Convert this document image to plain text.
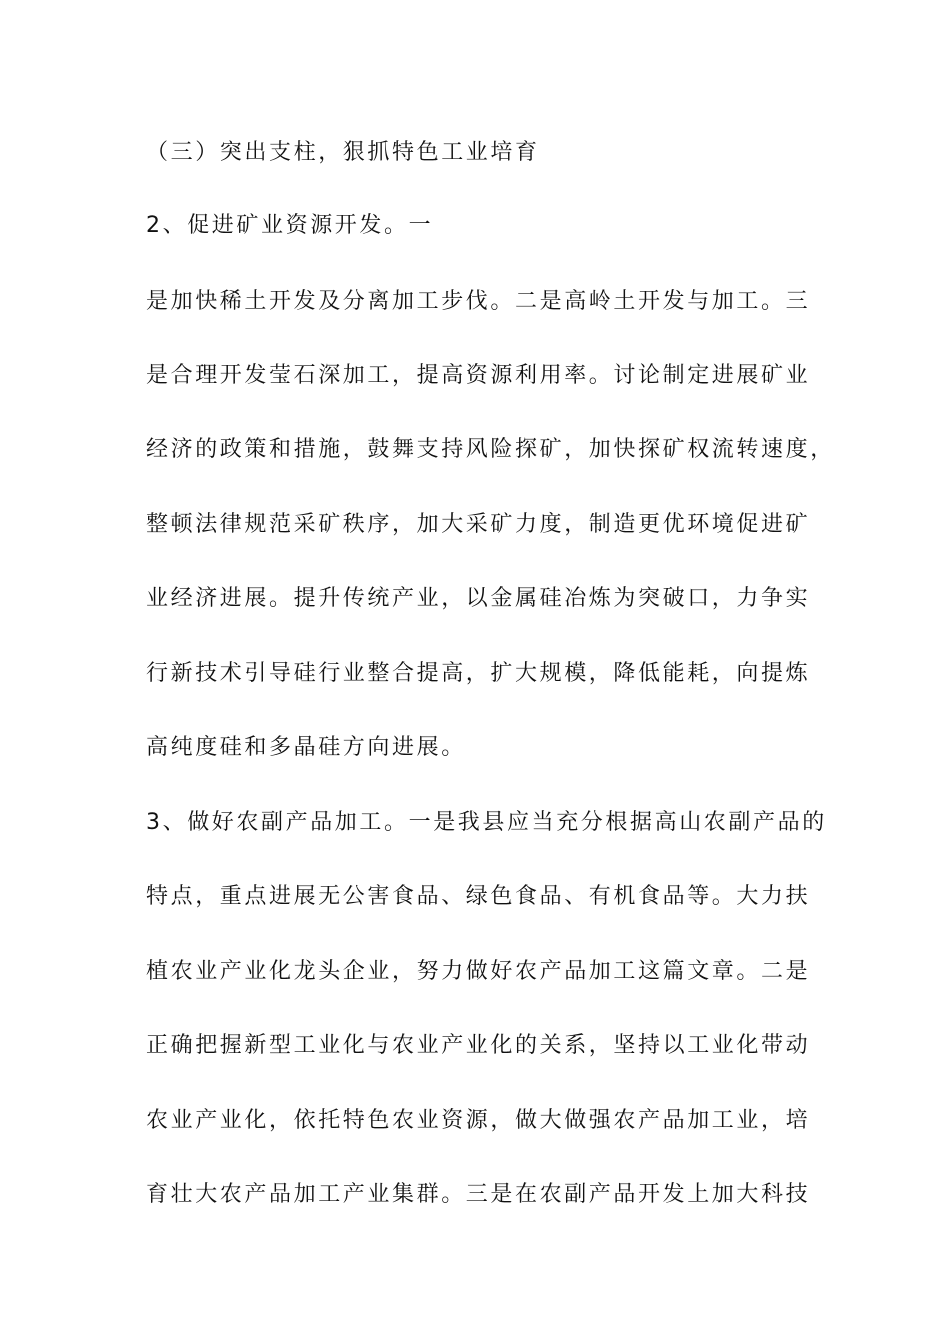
（三）突出支柱，狠抓特色工业培育
2、促进矿业资源开发。一
是加快稀土开发及分离加工步伐。二是高岭土开发与加工。三
是合理开发莹石深加工，提高资源利用率。讨论制定进展矿业
经济的政策和措施，鼓舞支持风险探矿，加快探矿权流转速度，
整顿法律规范采矿秩序，加大采矿力度，制造更优环境促进矿
业经济进展。提升传统产业，以金属硅冶炼为突破口，力争实
行新技术引导硅行业整合提高，扩大规模，降低能耗，向提炼
高纯度硅和多晶硅方向进展。
3、做好农副产品加工。一是我县应当充分根据高山农副产品的
特点，重点进展无公害食品、绿色食品、有机食品等。大力扶
植农业产业化龙头企业，努力做好农产品加工这篇文章。二是
正确把握新型工业化与农业产业化的关系，坚持以工业化带动
农业产业化，依托特色农业资源，做大做强农产品加工业，培
育壮大农产品加工产业集群。三是在农副产品开发上加大科技
